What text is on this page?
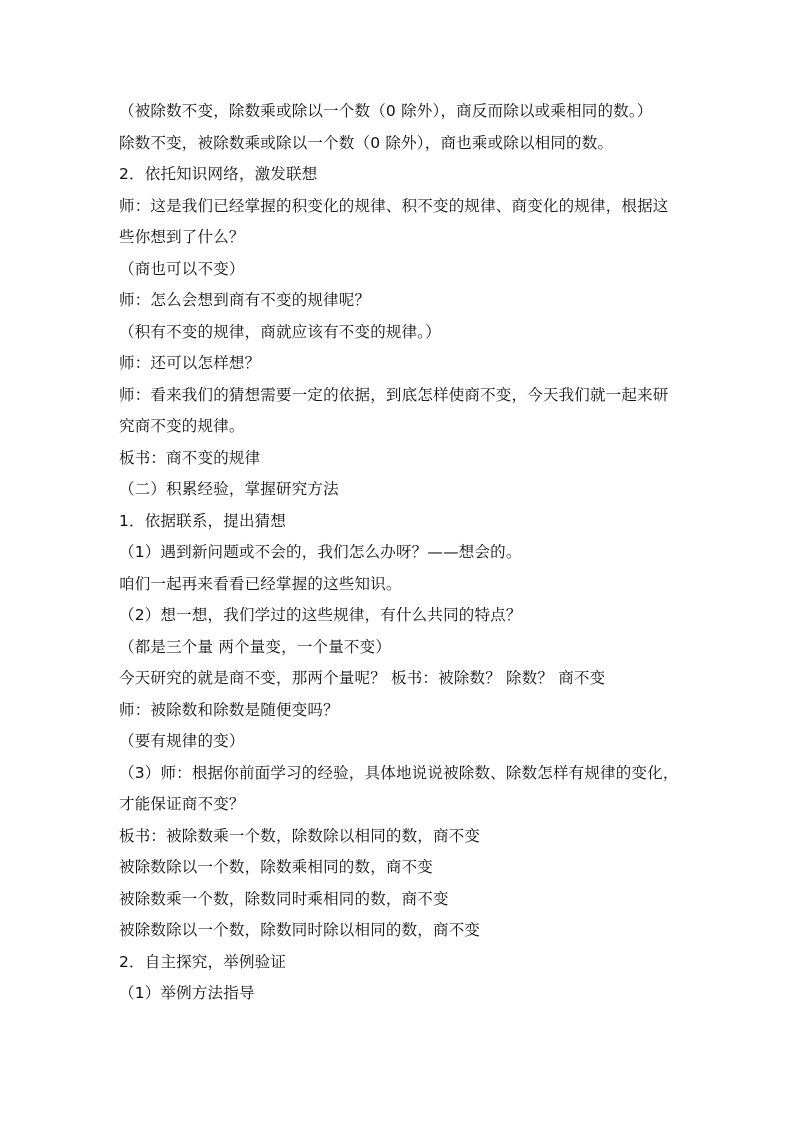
（被除数不变，除数乘或除以一个数（0 除外），商反而除以或乘相同的数。）
除数不变，被除数乘或除以一个数（0 除外），商也乘或除以相同的数。
2．依托知识网络，激发联想
师：这是我们已经掌握的积变化的规律、积不变的规律、商变化的规律，根据这
些你想到了什么？
（商也可以不变）
师：怎么会想到商有不变的规律呢？
（积有不变的规律，商就应该有不变的规律。）
师：还可以怎样想？
师：看来我们的猜想需要一定的依据，到底怎样使商不变，今天我们就一起来研
究商不变的规律。
板书：商不变的规律
（二）积累经验，掌握研究方法
1．依据联系，提出猜想
（1）遇到新问题或不会的，我们怎么办呀？——想会的。
咱们一起再来看看已经掌握的这些知识。
（2）想一想，我们学过的这些规律，有什么共同的特点？
（都是三个量 两个量变，一个量不变）
今天研究的就是商不变，那两个量呢？ 板书：被除数？ 除数？ 商不变
师：被除数和除数是随便变吗？
（要有规律的变）
（3）师：根据你前面学习的经验，具体地说说被除数、除数怎样有规律的变化，
才能保证商不变？
板书：被除数乘一个数，除数除以相同的数，商不变
被除数除以一个数，除数乘相同的数，商不变
被除数乘一个数，除数同时乘相同的数，商不变
被除数除以一个数，除数同时除以相同的数，商不变
2．自主探究，举例验证
（1）举例方法指导
